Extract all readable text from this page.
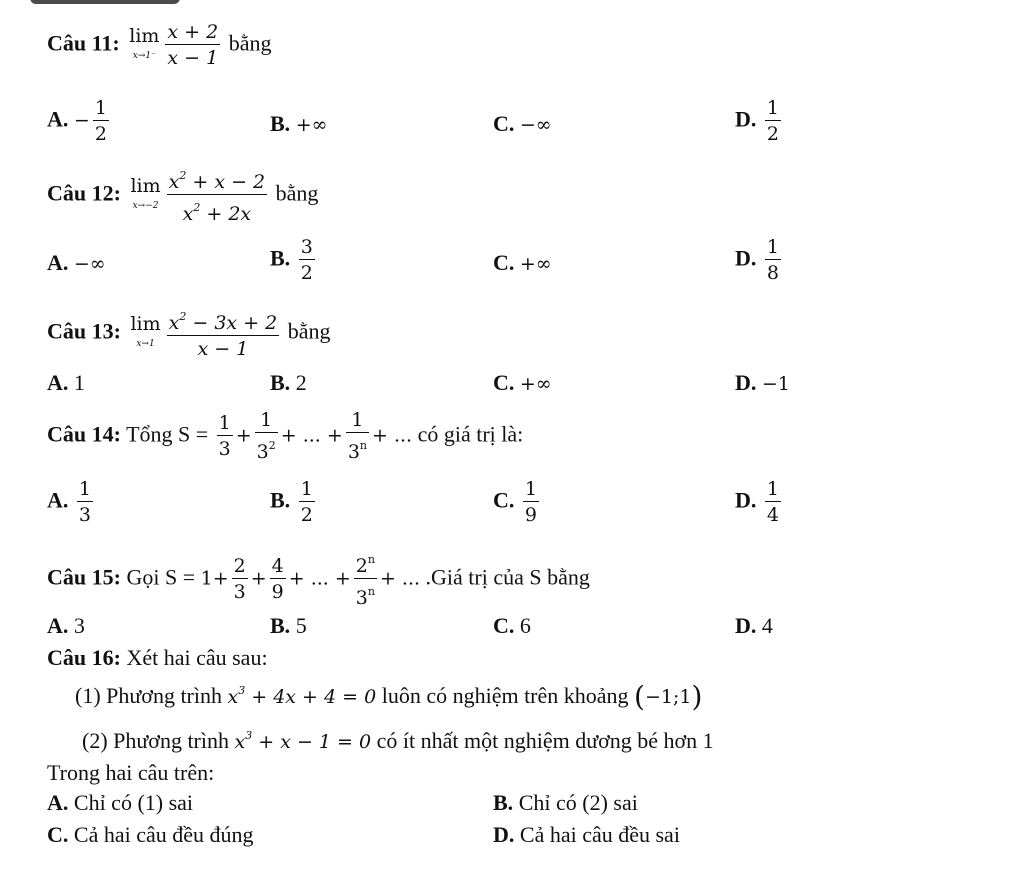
Câu 11: lim
$x\to 1^- \frac{x + 2}{x - 1}$ bằng
A. − $\frac{1}{2}$	B. +∞	C. −∞	D. $\frac{1}{2}$
Câu 12: lim
$x\to-2 \frac{x^2 + x - 2}{x^2 + 2x}$ bằng
A. −∞	B. $\frac{3}{2}$	C. +∞	D. $\frac{1}{8}$
Câu 13: lim
$x\to 1 \frac{x^2 - 3x + 2}{x - 1}$ bằng
A. 1	B. 2	C. +∞	D. −1
Câu 14: Tổng $S = \frac{1}{3} + \frac{1}{3^2}$ + ... + $\frac{1}{3^n}$ + ... có giá trị là:
A. $\frac{1}{3}$	B. $\frac{1}{2}$	C. $\frac{1}{9}$	D. $\frac{1}{4}$
Câu 15: Gọi $S = 1+ \frac{2}{3} + \frac{4}{9}$ + ... + $\frac{2^n}{3^n}$ + ... .Giá trị của S bằng
A. 3	B. 5	C. 6	D. 4
Câu 16: Xét hai câu sau:
(1) Phương trình $x^3 + 4x + 4 = 0$ luôn có nghiệm trên khoảng (−1;1)
(2) Phương trình $x^3 + x - 1 = 0$ có ít nhất một nghiệm dương bé hơn 1
Trong hai câu trên:
A. Chỉ có (1) sai	B. Chỉ có (2) sai
C. Cả hai câu đều đúng	D. Cả hai câu đều sai
